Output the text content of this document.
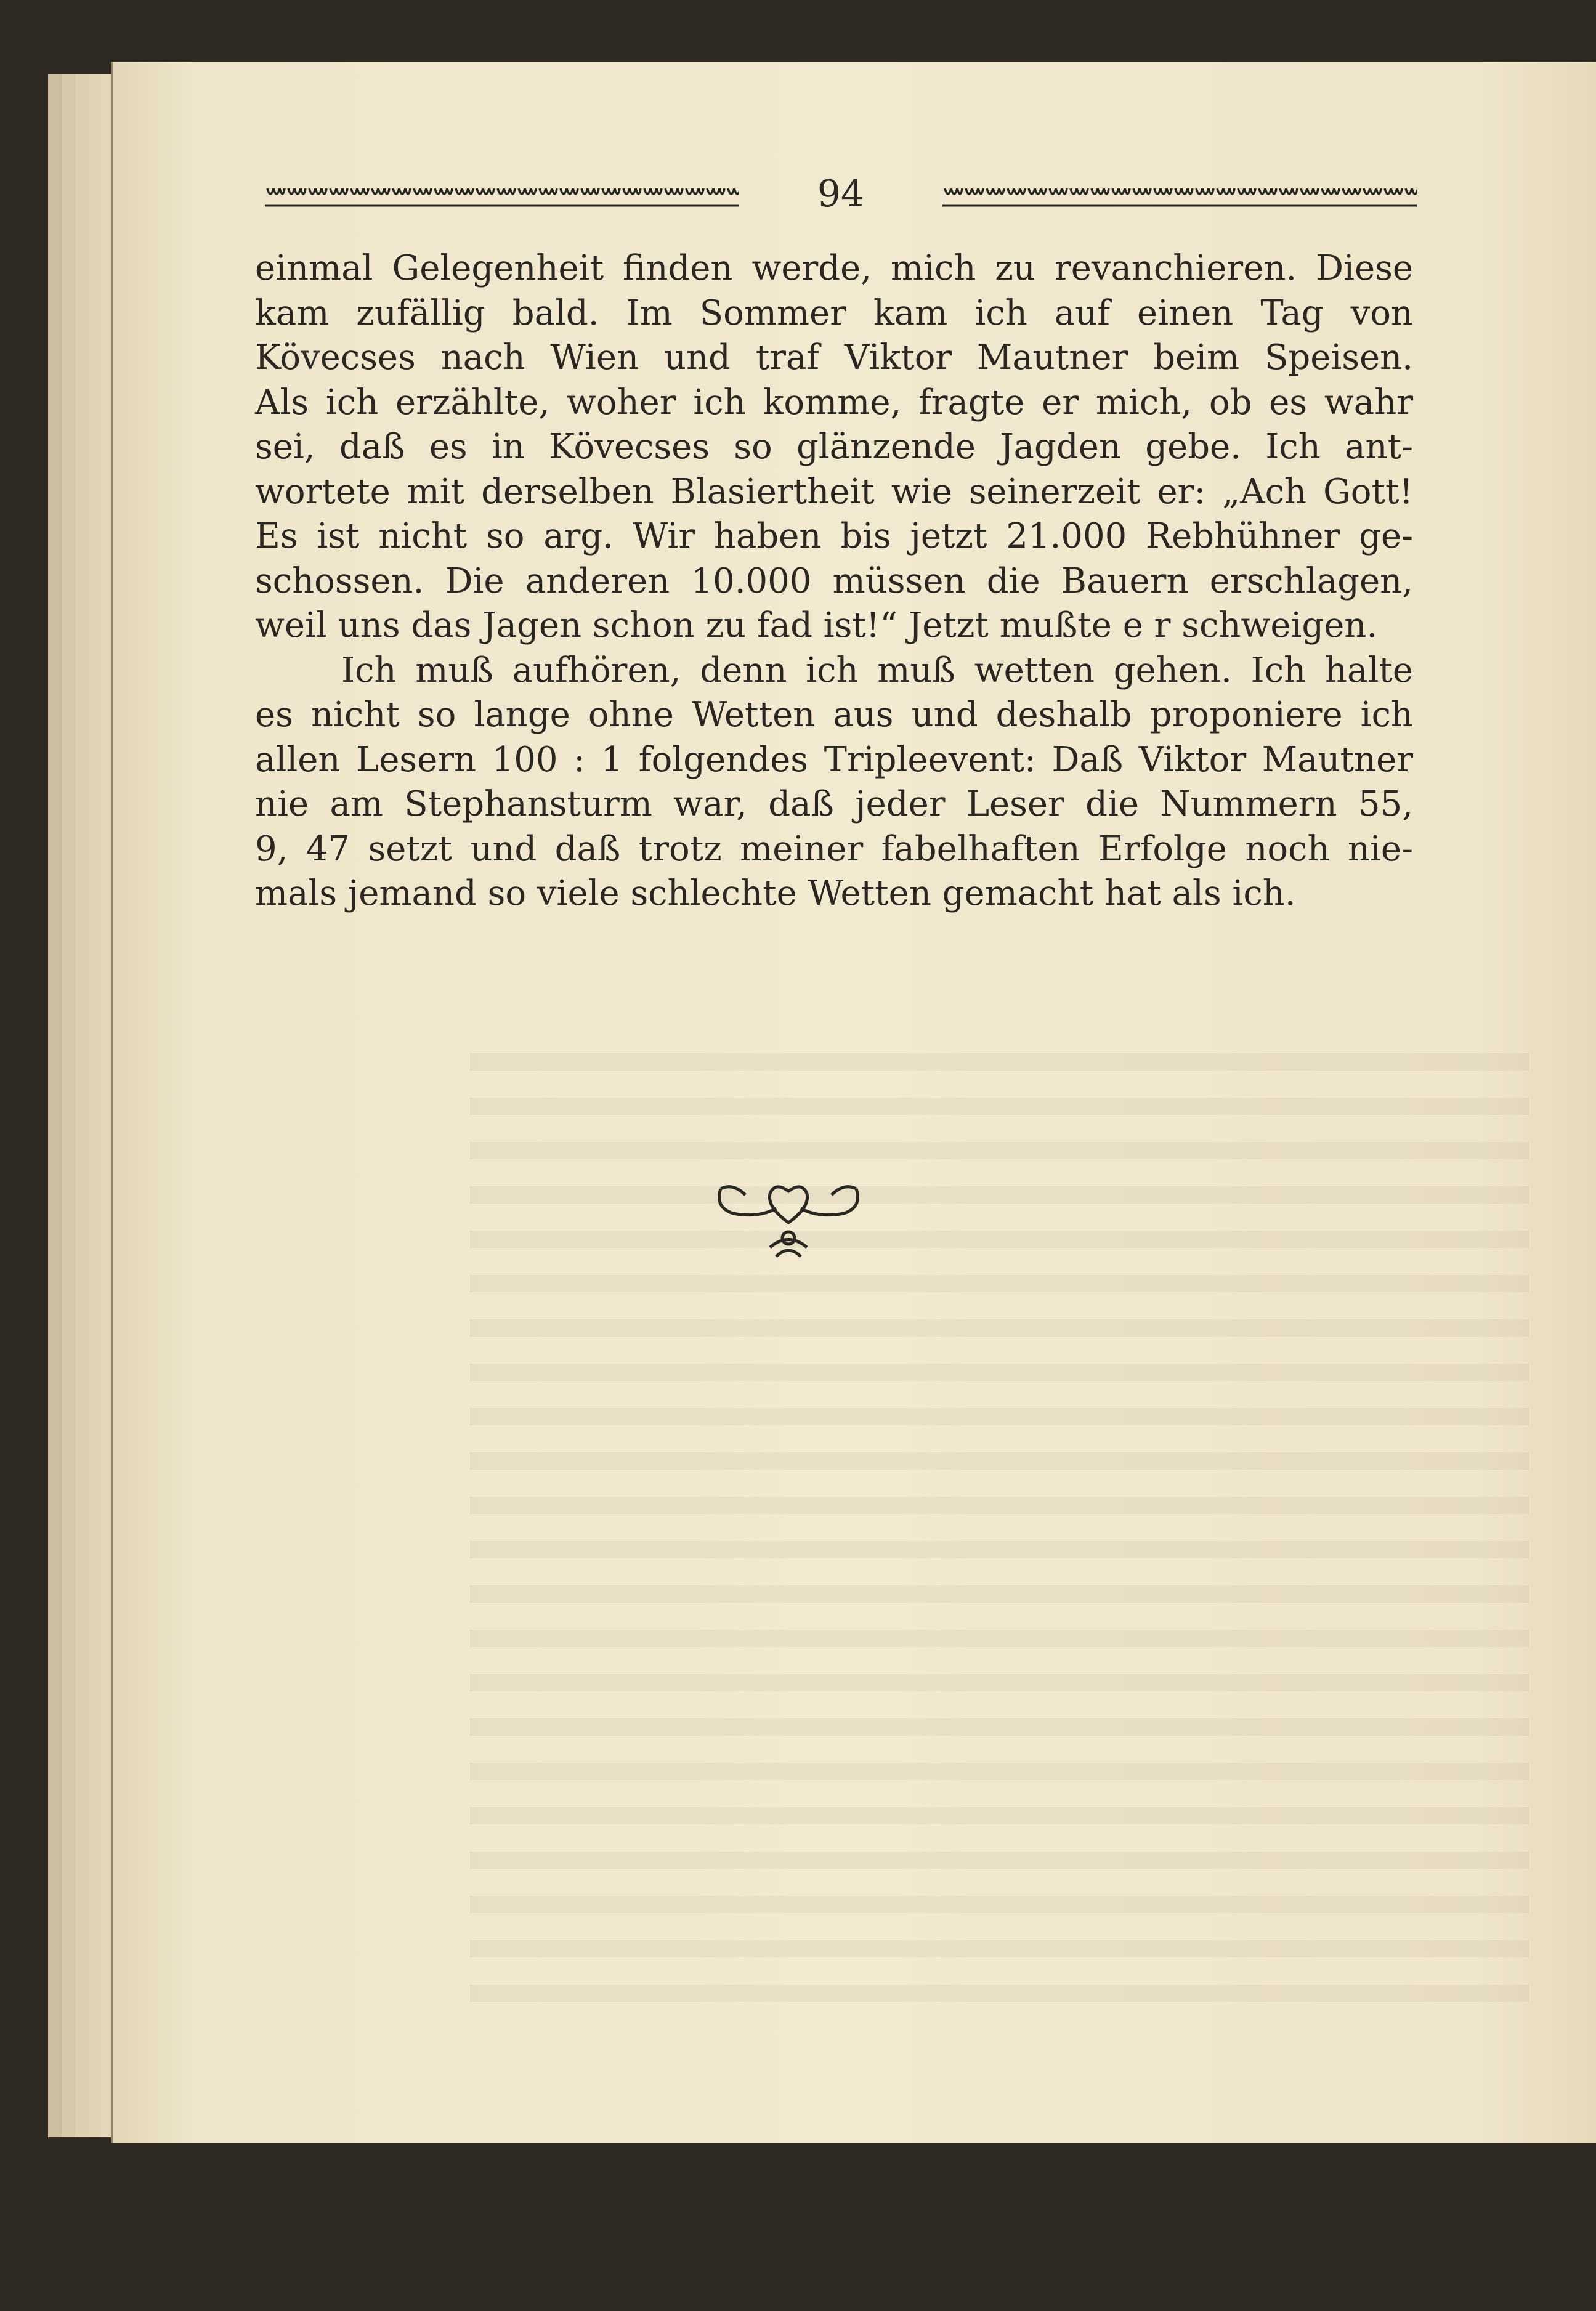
94

einmal Gelegenheit finden werde, mich zu revanchieren. Diese

kam zufällig bald. Im Sommer kam ich auf einen Tag von

Kövecses nach Wien und traf Viktor Mautner beim Speisen.

Als ich erzählte, woher ich komme, fragte er mich, ob es wahr

sei, daß es in Kövecses so glänzende Jagden gebe. Ich ant-

wortete mit derselben Blasiertheit wie seinerzeit er: „Ach Gott!

Es ist nicht so arg. Wir haben bis jetzt 21.000 Rebhühner ge-

schossen. Die anderen 10.000 müssen die Bauern erschlagen,

weil uns das Jagen schon zu fad ist!“ Jetzt mußte e r schweigen.

Ich muß aufhören, denn ich muß wetten gehen. Ich halte

es nicht so lange ohne Wetten aus und deshalb proponiere ich

allen Lesern 100 : 1 folgendes Tripleevent: Daß Viktor Mautner

nie am Stephansturm war, daß jeder Leser die Nummern 55,

9, 47 setzt und daß trotz meiner fabelhaften Erfolge noch nie-

mals jemand so viele schlechte Wetten gemacht hat als ich.
